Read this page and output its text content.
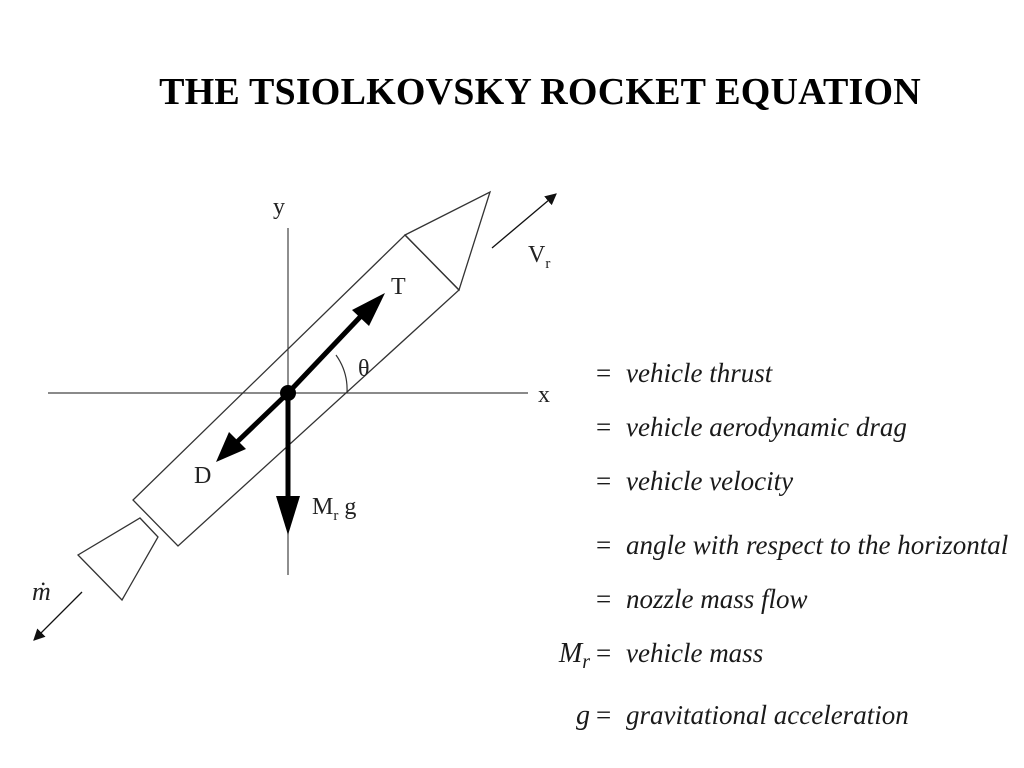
THE TSIOLKOVSKY ROCKET EQUATION
y
x
T
D
θ
$V_r$
$M_r$ g
ṁ
= vehicle thrust
= vehicle aerodynamic drag
= vehicle velocity
= angle with respect to the horizontal
= nozzle mass flow
$M_r$ = vehicle mass
g = gravitational acceleration
